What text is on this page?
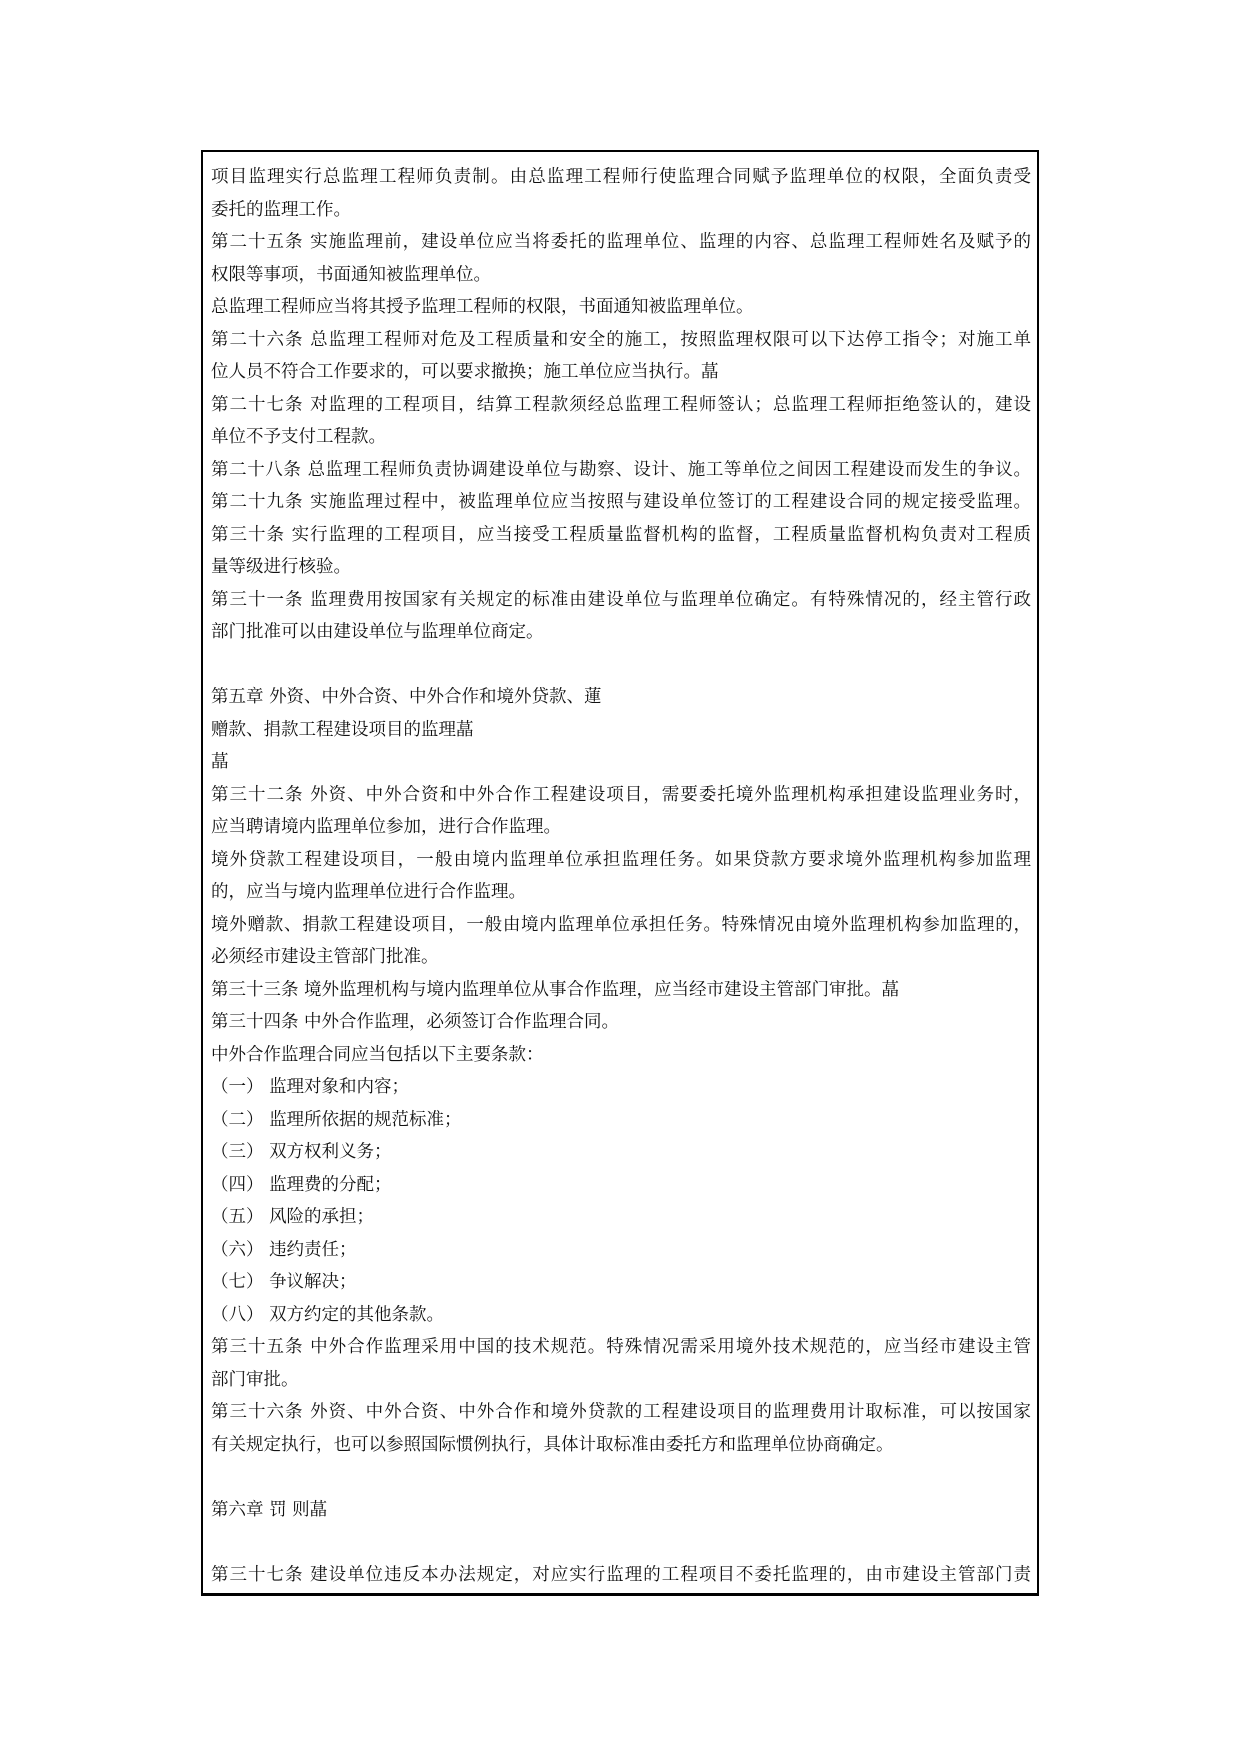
项目监理实行总监理工程师负责制。由总监理工程师行使监理合同赋予监理单位的权限，全面负责受
委托的监理工作。
第二十五条 实施监理前，建设单位应当将委托的监理单位、监理的内容、总监理工程师姓名及赋予的
权限等事项，书面通知被监理单位。
总监理工程师应当将其授予监理工程师的权限，书面通知被监理单位。
第二十六条 总监理工程师对危及工程质量和安全的施工，按照监理权限可以下达停工指令；对施工单
位人员不符合工作要求的，可以要求撤换；施工单位应当执行。蕌
第二十七条 对监理的工程项目，结算工程款须经总监理工程师签认；总监理工程师拒绝签认的，建设
单位不予支付工程款。
第二十八条 总监理工程师负责协调建设单位与勘察、设计、施工等单位之间因工程建设而发生的争议。
第二十九条 实施监理过程中，被监理单位应当按照与建设单位签订的工程建设合同的规定接受监理。
第三十条 实行监理的工程项目，应当接受工程质量监督机构的监督，工程质量监督机构负责对工程质
量等级进行核验。
第三十一条 监理费用按国家有关规定的标准由建设单位与监理单位确定。有特殊情况的，经主管行政
部门批准可以由建设单位与监理单位商定。
第五章 外资、中外合资、中外合作和境外贷款、蓮
赠款、捐款工程建设项目的监理蕌
蕌
第三十二条 外资、中外合资和中外合作工程建设项目，需要委托境外监理机构承担建设监理业务时，
应当聘请境内监理单位参加，进行合作监理。
境外贷款工程建设项目，一般由境内监理单位承担监理任务。如果贷款方要求境外监理机构参加监理
的，应当与境内监理单位进行合作监理。
境外赠款、捐款工程建设项目，一般由境内监理单位承担任务。特殊情况由境外监理机构参加监理的，
必须经市建设主管部门批准。
第三十三条 境外监理机构与境内监理单位从事合作监理，应当经市建设主管部门审批。蕌
第三十四条 中外合作监理，必须签订合作监理合同。
中外合作监理合同应当包括以下主要条款：
（一） 监理对象和内容；
（二） 监理所依据的规范标准；
（三） 双方权利义务；
（四） 监理费的分配；
（五） 风险的承担；
（六） 违约责任；
（七） 争议解决；
（八） 双方约定的其他条款。
第三十五条 中外合作监理采用中国的技术规范。特殊情况需采用境外技术规范的，应当经市建设主管
部门审批。
第三十六条 外资、中外合资、中外合作和境外贷款的工程建设项目的监理费用计取标准，可以按国家
有关规定执行，也可以参照国际惯例执行，具体计取标准由委托方和监理单位协商确定。
第六章 罚 则蕌
第三十七条 建设单位违反本办法规定，对应实行监理的工程项目不委托监理的，由市建设主管部门责
